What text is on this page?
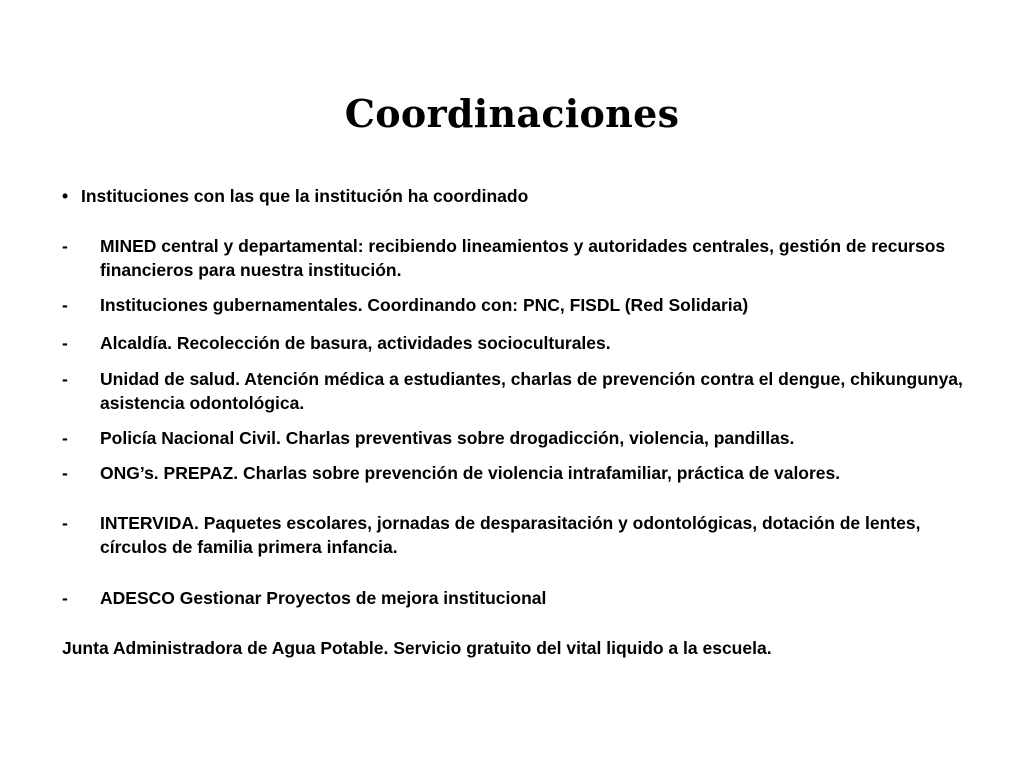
Coordinaciones
• Instituciones con las que la institución ha coordinado
- MINED central y departamental: recibiendo lineamientos y autoridades centrales, gestión de recursos financieros para nuestra institución.
- Instituciones gubernamentales. Coordinando con: PNC, FISDL (Red Solidaria)
- Alcaldía. Recolección de basura, actividades socioculturales.
- Unidad de salud. Atención médica a estudiantes, charlas de prevención contra el dengue, chikungunya, asistencia odontológica.
- Policía Nacional Civil. Charlas preventivas sobre drogadicción, violencia, pandillas.
- ONG’s. PREPAZ. Charlas sobre prevención de violencia intrafamiliar, práctica de valores.
- INTERVIDA. Paquetes escolares, jornadas de desparasitación y odontológicas, dotación de lentes, círculos de familia primera infancia.
- ADESCO Gestionar Proyectos de mejora institucional
Junta Administradora de Agua Potable. Servicio gratuito del vital liquido a la escuela.
